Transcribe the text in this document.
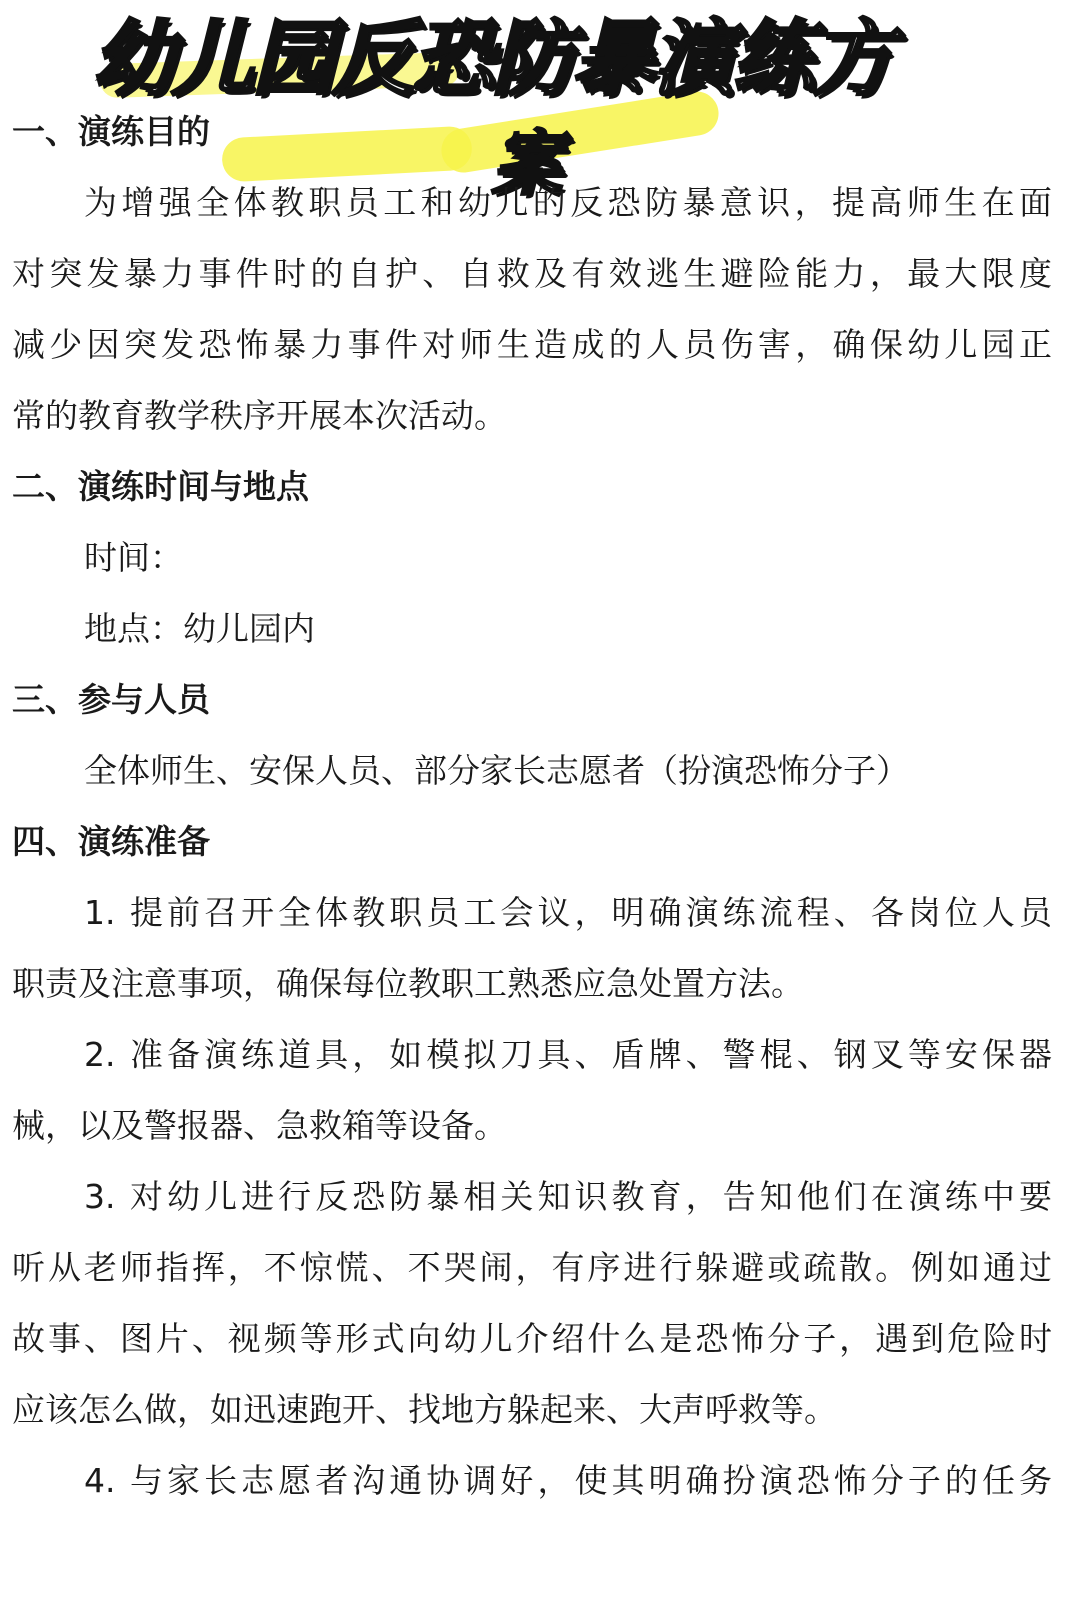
幼儿园反恐防暴演练方
案
一、演练目的
为增强全体教职员工和幼儿的反恐防暴意识，提高师生在面
对突发暴力事件时的自护、自救及有效逃生避险能力，最大限度
减少因突发恐怖暴力事件对师生造成的人员伤害，确保幼儿园正
常的教育教学秩序开展本次活动。
二、演练时间与地点
时间：
地点：幼儿园内
三、参与人员
全体师生、安保人员、部分家长志愿者（扮演恐怖分子）
四、演练准备
1. 提前召开全体教职员工会议，明确演练流程、各岗位人员
职责及注意事项，确保每位教职工熟悉应急处置方法。
2. 准备演练道具，如模拟刀具、盾牌、警棍、钢叉等安保器
械，以及警报器、急救箱等设备。
3. 对幼儿进行反恐防暴相关知识教育，告知他们在演练中要
听从老师指挥，不惊慌、不哭闹，有序进行躲避或疏散。例如通过
故事、图片、视频等形式向幼儿介绍什么是恐怖分子，遇到危险时
应该怎么做，如迅速跑开、找地方躲起来、大声呼救等。
4. 与家长志愿者沟通协调好，使其明确扮演恐怖分子的任务
